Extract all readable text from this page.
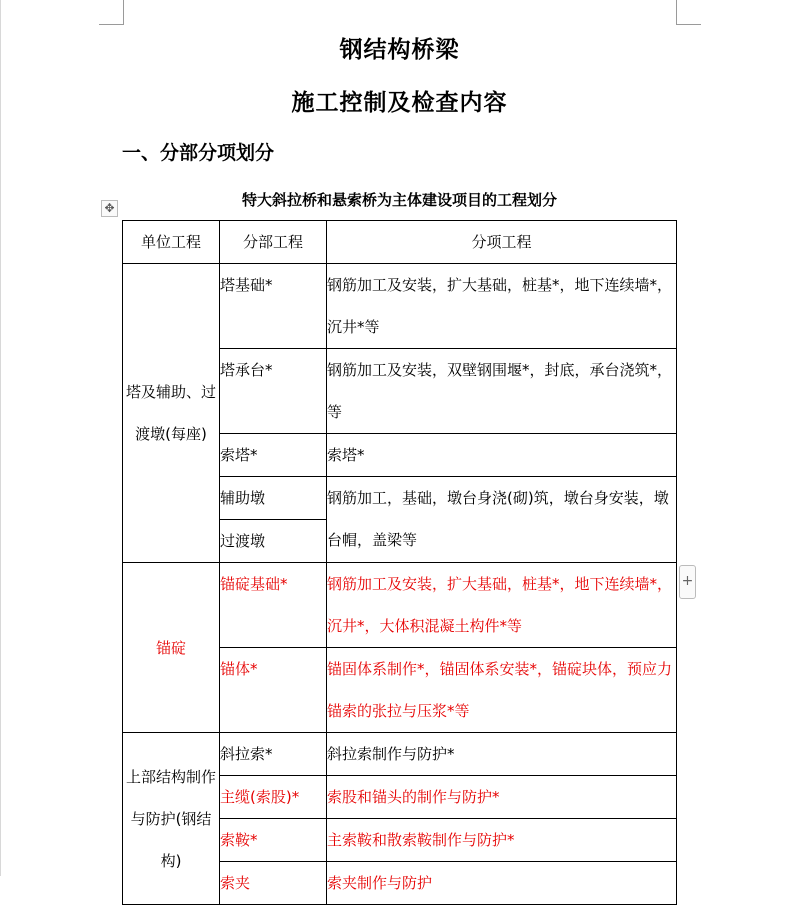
钢结构桥梁
施工控制及检查内容
一、分部分项划分
特大斜拉桥和悬索桥为主体建设项目的工程划分
✥
+
单位工程	分部工程	分项工程
塔及辅助、过渡墩(每座)	塔基础*	钢筋加工及安装，扩大基础，桩基*，地下连续墙*，沉井*等
	塔承台*	钢筋加工及安装，双壁钢围堰*，封底，承台浇筑*，等
	索塔*	索塔*
	辅助墩	钢筋加工，基础，墩台身浇(砌)筑，墩台身安装，墩台帽，盖梁等
	过渡墩	
锚碇	锚碇基础*	钢筋加工及安装，扩大基础，桩基*，地下连续墙*，沉井*，大体积混凝土构件*等
	锚体*	锚固体系制作*，锚固体系安装*，锚碇块体，预应力锚索的张拉与压浆*等
上部结构制作与防护(钢结构)	斜拉索*	斜拉索制作与防护*
	主缆(索股)*	索股和锚头的制作与防护*
	索鞍*	主索鞍和散索鞍制作与防护*
	索夹	索夹制作与防护
